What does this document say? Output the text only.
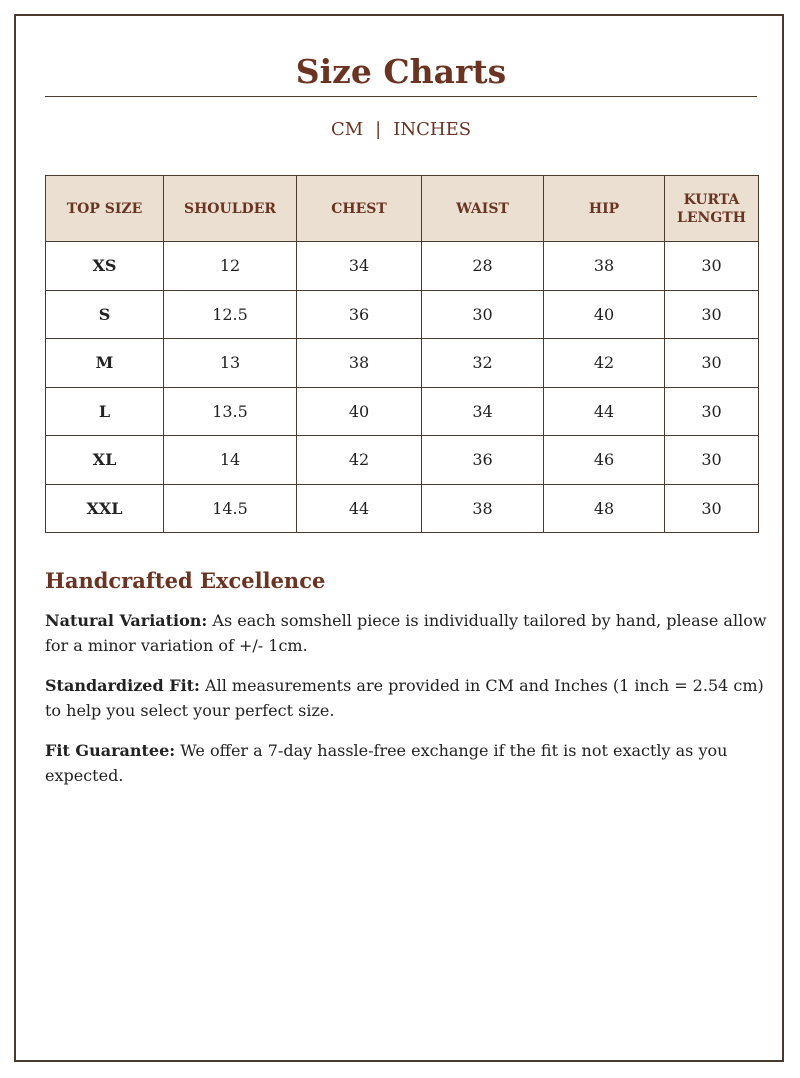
Size Charts
CM | INCHES
TOP SIZE	SHOULDER	CHEST	WAIST	HIP	KURTA
LENGTH
XS	12	34	28	38	30
S	12.5	36	30	40	30
M	13	38	32	42	30
L	13.5	40	34	44	30
XL	14	42	36	46	30
XXL	14.5	44	38	48	30
Handcrafted Excellence

Natural Variation: As each somshell piece is individually tailored by hand, please allow for a minor variation of +/- 1cm.

Standardized Fit: All measurements are provided in CM and Inches (1 inch = 2.54 cm) to help you select your perfect size.

Fit Guarantee: We offer a 7-day hassle-free exchange if the fit is not exactly as you expected.
